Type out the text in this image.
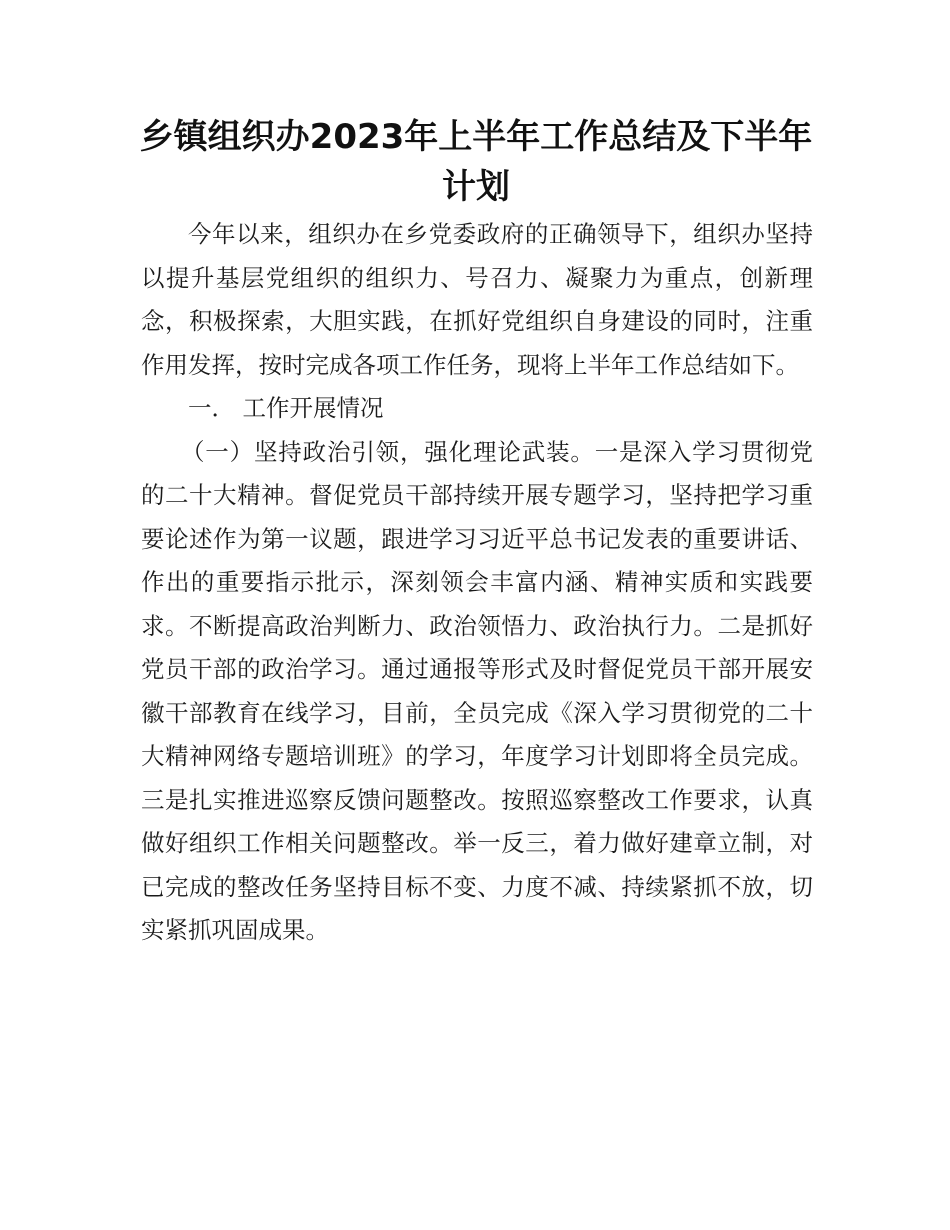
乡镇组织办2023年上半年工作总结及下半年计划

今年以来，组织办在乡党委政府的正确领导下，组织办坚持以提升基层党组织的组织力、号召力、凝聚力为重点，创新理念，积极探索，大胆实践，在抓好党组织自身建设的同时，注重作用发挥，按时完成各项工作任务，现将上半年工作总结如下。

一． 工作开展情况

（一）坚持政治引领，强化理论武装。一是深入学习贯彻党的二十大精神。督促党员干部持续开展专题学习，坚持把学习重要论述作为第一议题，跟进学习习近平总书记发表的重要讲话、作出的重要指示批示，深刻领会丰富内涵、精神实质和实践要求。不断提高政治判断力、政治领悟力、政治执行力。二是抓好党员干部的政治学习。通过通报等形式及时督促党员干部开展安徽干部教育在线学习，目前，全员完成《深入学习贯彻党的二十大精神网络专题培训班》的学习，年度学习计划即将全员完成。三是扎实推进巡察反馈问题整改。按照巡察整改工作要求，认真做好组织工作相关问题整改。举一反三，着力做好建章立制，对已完成的整改任务坚持目标不变、力度不减、持续紧抓不放，切实紧抓巩固成果。
